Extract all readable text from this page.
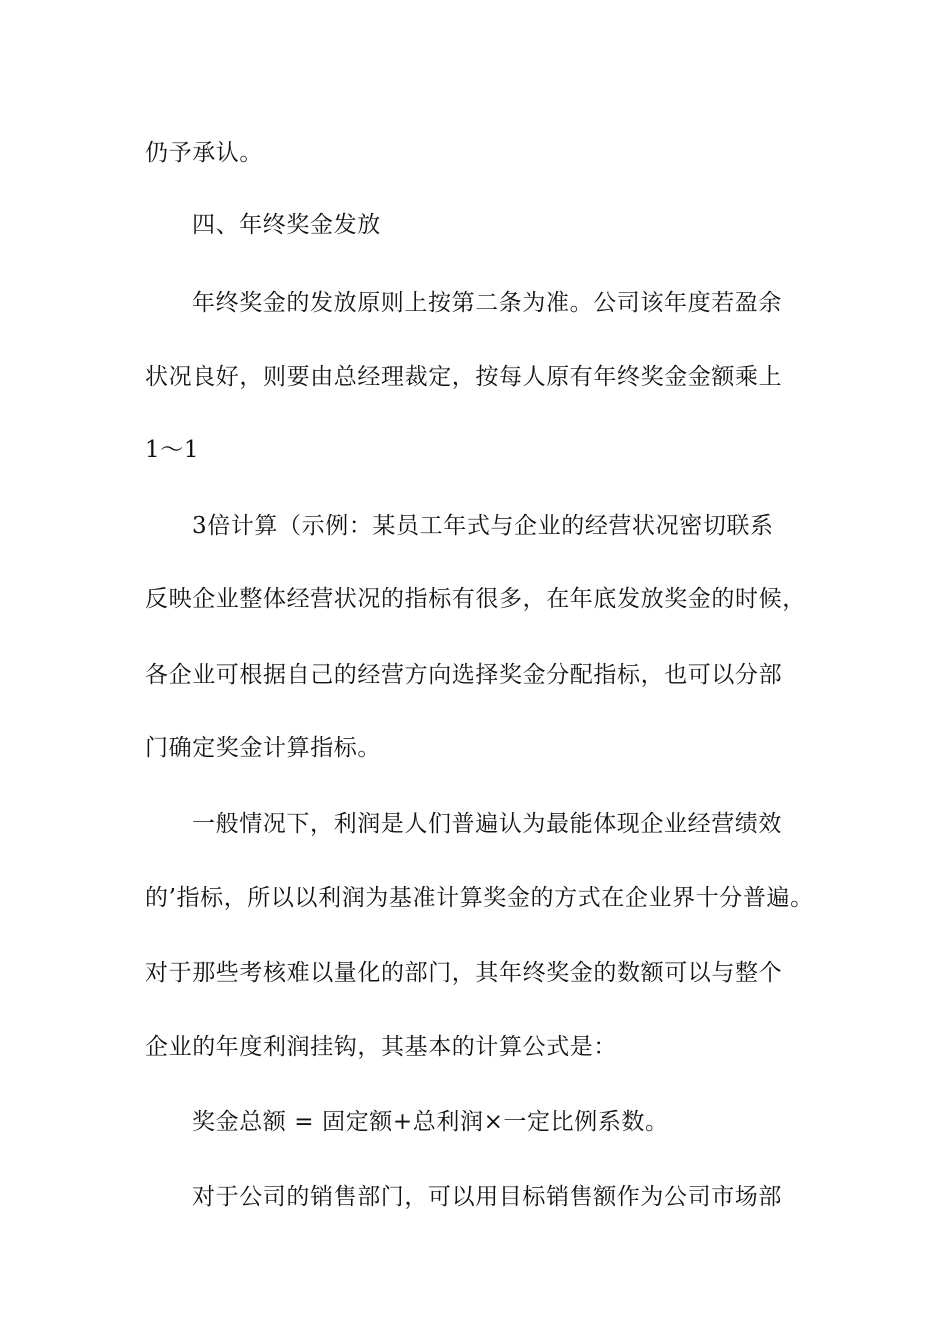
仍予承认。
四、年终奖金发放
年终奖金的发放原则上按第二条为准。公司该年度若盈余
状况良好，则要由总经理裁定，按每人原有年终奖金金额乘上
1～1
3倍计算（示例：某员工年式与企业的经营状况密切联系
反映企业整体经营状况的指标有很多，在年底发放奖金的时候，
各企业可根据自己的经营方向选择奖金分配指标，也可以分部
门确定奖金计算指标。
一般情况下，利润是人们普遍认为最能体现企业经营绩效
的’指标，所以以利润为基准计算奖金的方式在企业界十分普遍。
对于那些考核难以量化的部门，其年终奖金的数额可以与整个
企业的年度利润挂钩，其基本的计算公式是：
奖金总额 = 固定额+总利润×一定比例系数。
对于公司的销售部门，可以用目标销售额作为公司市场部
